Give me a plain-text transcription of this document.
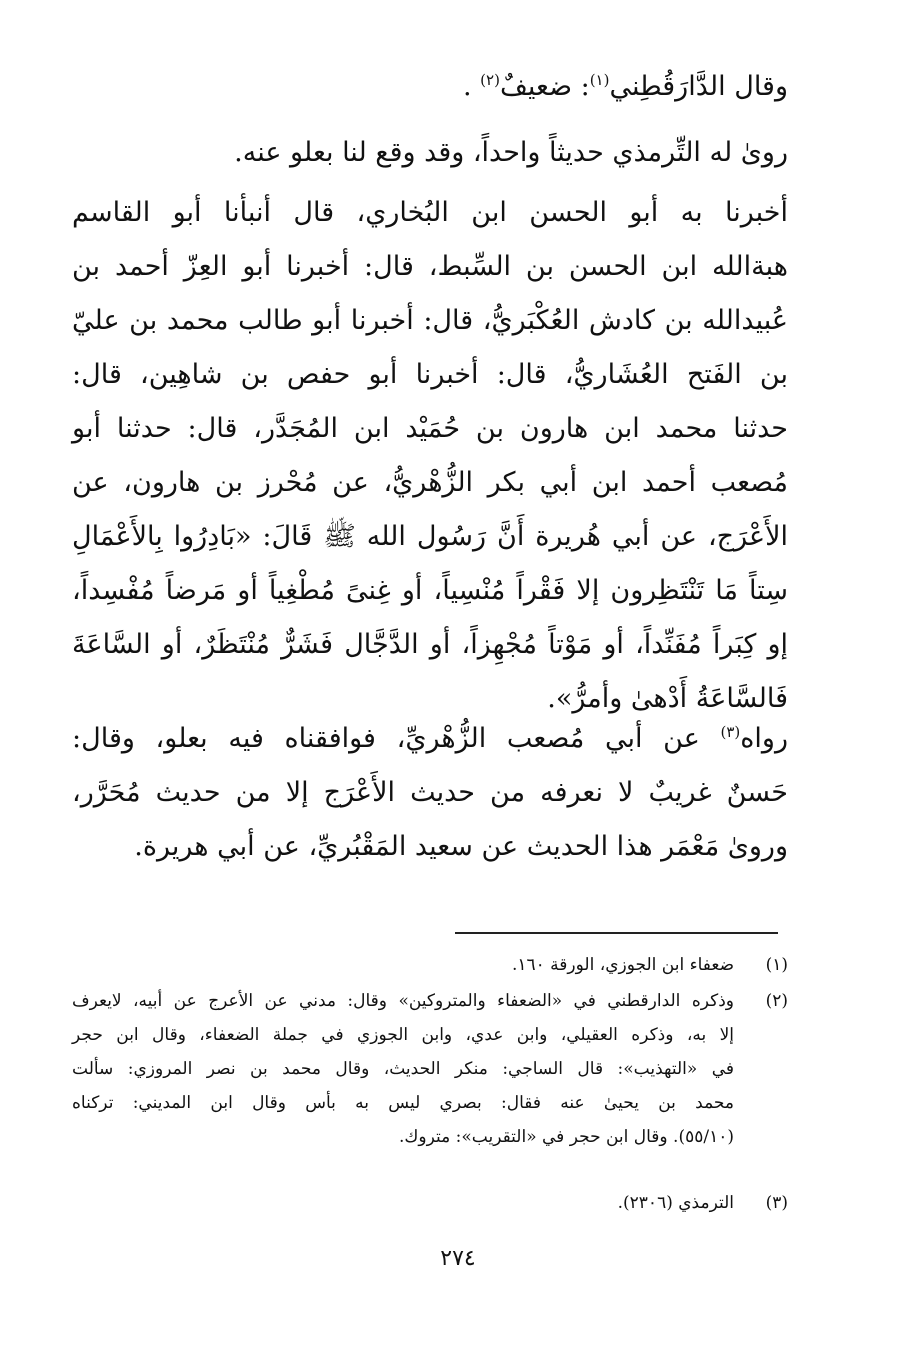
وقال الدَّارَقُطِني$^{(١)}$: ضعيفٌ$^{(٢)}$ .
روىٰ له التِّرمذي حديثاً واحداً، وقد وقع لنا بعلو عنه.
أخبرنا به أبو الحسن ابن البُخاري، قال أنبأنا أبو القاسم
هبةالله ابن الحسن بن السِّبط، قال: أخبرنا أبو العِزّ أحمد بن
عُبيدالله بن كادش العُكْبَريُّ، قال: أخبرنا أبو طالب محمد بن عليّ
بن الفَتح العُشَاريُّ، قال: أخبرنا أبو حفص بن شاهِين، قال:
حدثنا محمد ابن هارون بن حُمَيْد ابن المُجَدَّر، قال: حدثنا أبو
مُصعب أحمد ابن أبي بكر الزُّهْريُّ، عن مُحْرز بن هارون، عن
الأَعْرَج، عن أبي هُريرة أَنَّ رَسُول الله ﷺ قَالَ: «بَادِرُوا بِالأَعْمَالِ
سِتاً مَا تَنْتَظِرون إلا فَقْراً مُنْسِياً، أو غِنىً مُطْغِياً أو مَرضاً مُفْسِداً،
إو كِبَراً مُفَنِّداً، أو مَوْتاً مُجْهِزاً، أو الدَّجَّال فَشَرٌّ مُنْتَظَرٌ، أو السَّاعَةَ
فَالسَّاعَةُ أَدْهىٰ وأمرُّ».
رواه$^{(٣)}$ عن أبي مُصعب الزُّهْريِّ، فوافقناه فيه بعلو، وقال:
حَسنٌ غريبٌ لا نعرفه من حديث الأَعْرَج إلا من حديث مُحَرَّر،
وروىٰ مَعْمَر هذا الحديث عن سعيد المَقْبُريِّ، عن أبي هريرة.
(١)
ضعفاء ابن الجوزي، الورقة ١٦٠.
(٢)
وذكره الدارقطني في «الضعفاء والمتروكين» وقال: مدني عن الأعرج عن أبيه، لايعرف
إلا به، وذكره العقيلي، وابن عدي، وابن الجوزي في جملة الضعفاء، وقال ابن حجر
في «التهذيب»: قال الساجي: منكر الحديث، وقال محمد بن نصر المروزي: سألت
محمد بن يحيىٰ عنه فقال: بصري ليس به بأس وقال ابن المديني: تركناه
(٥٥/١٠). وقال ابن حجر في «التقريب»: متروك.
(٣)
الترمذي (٢٣٠٦).
٢٧٤
